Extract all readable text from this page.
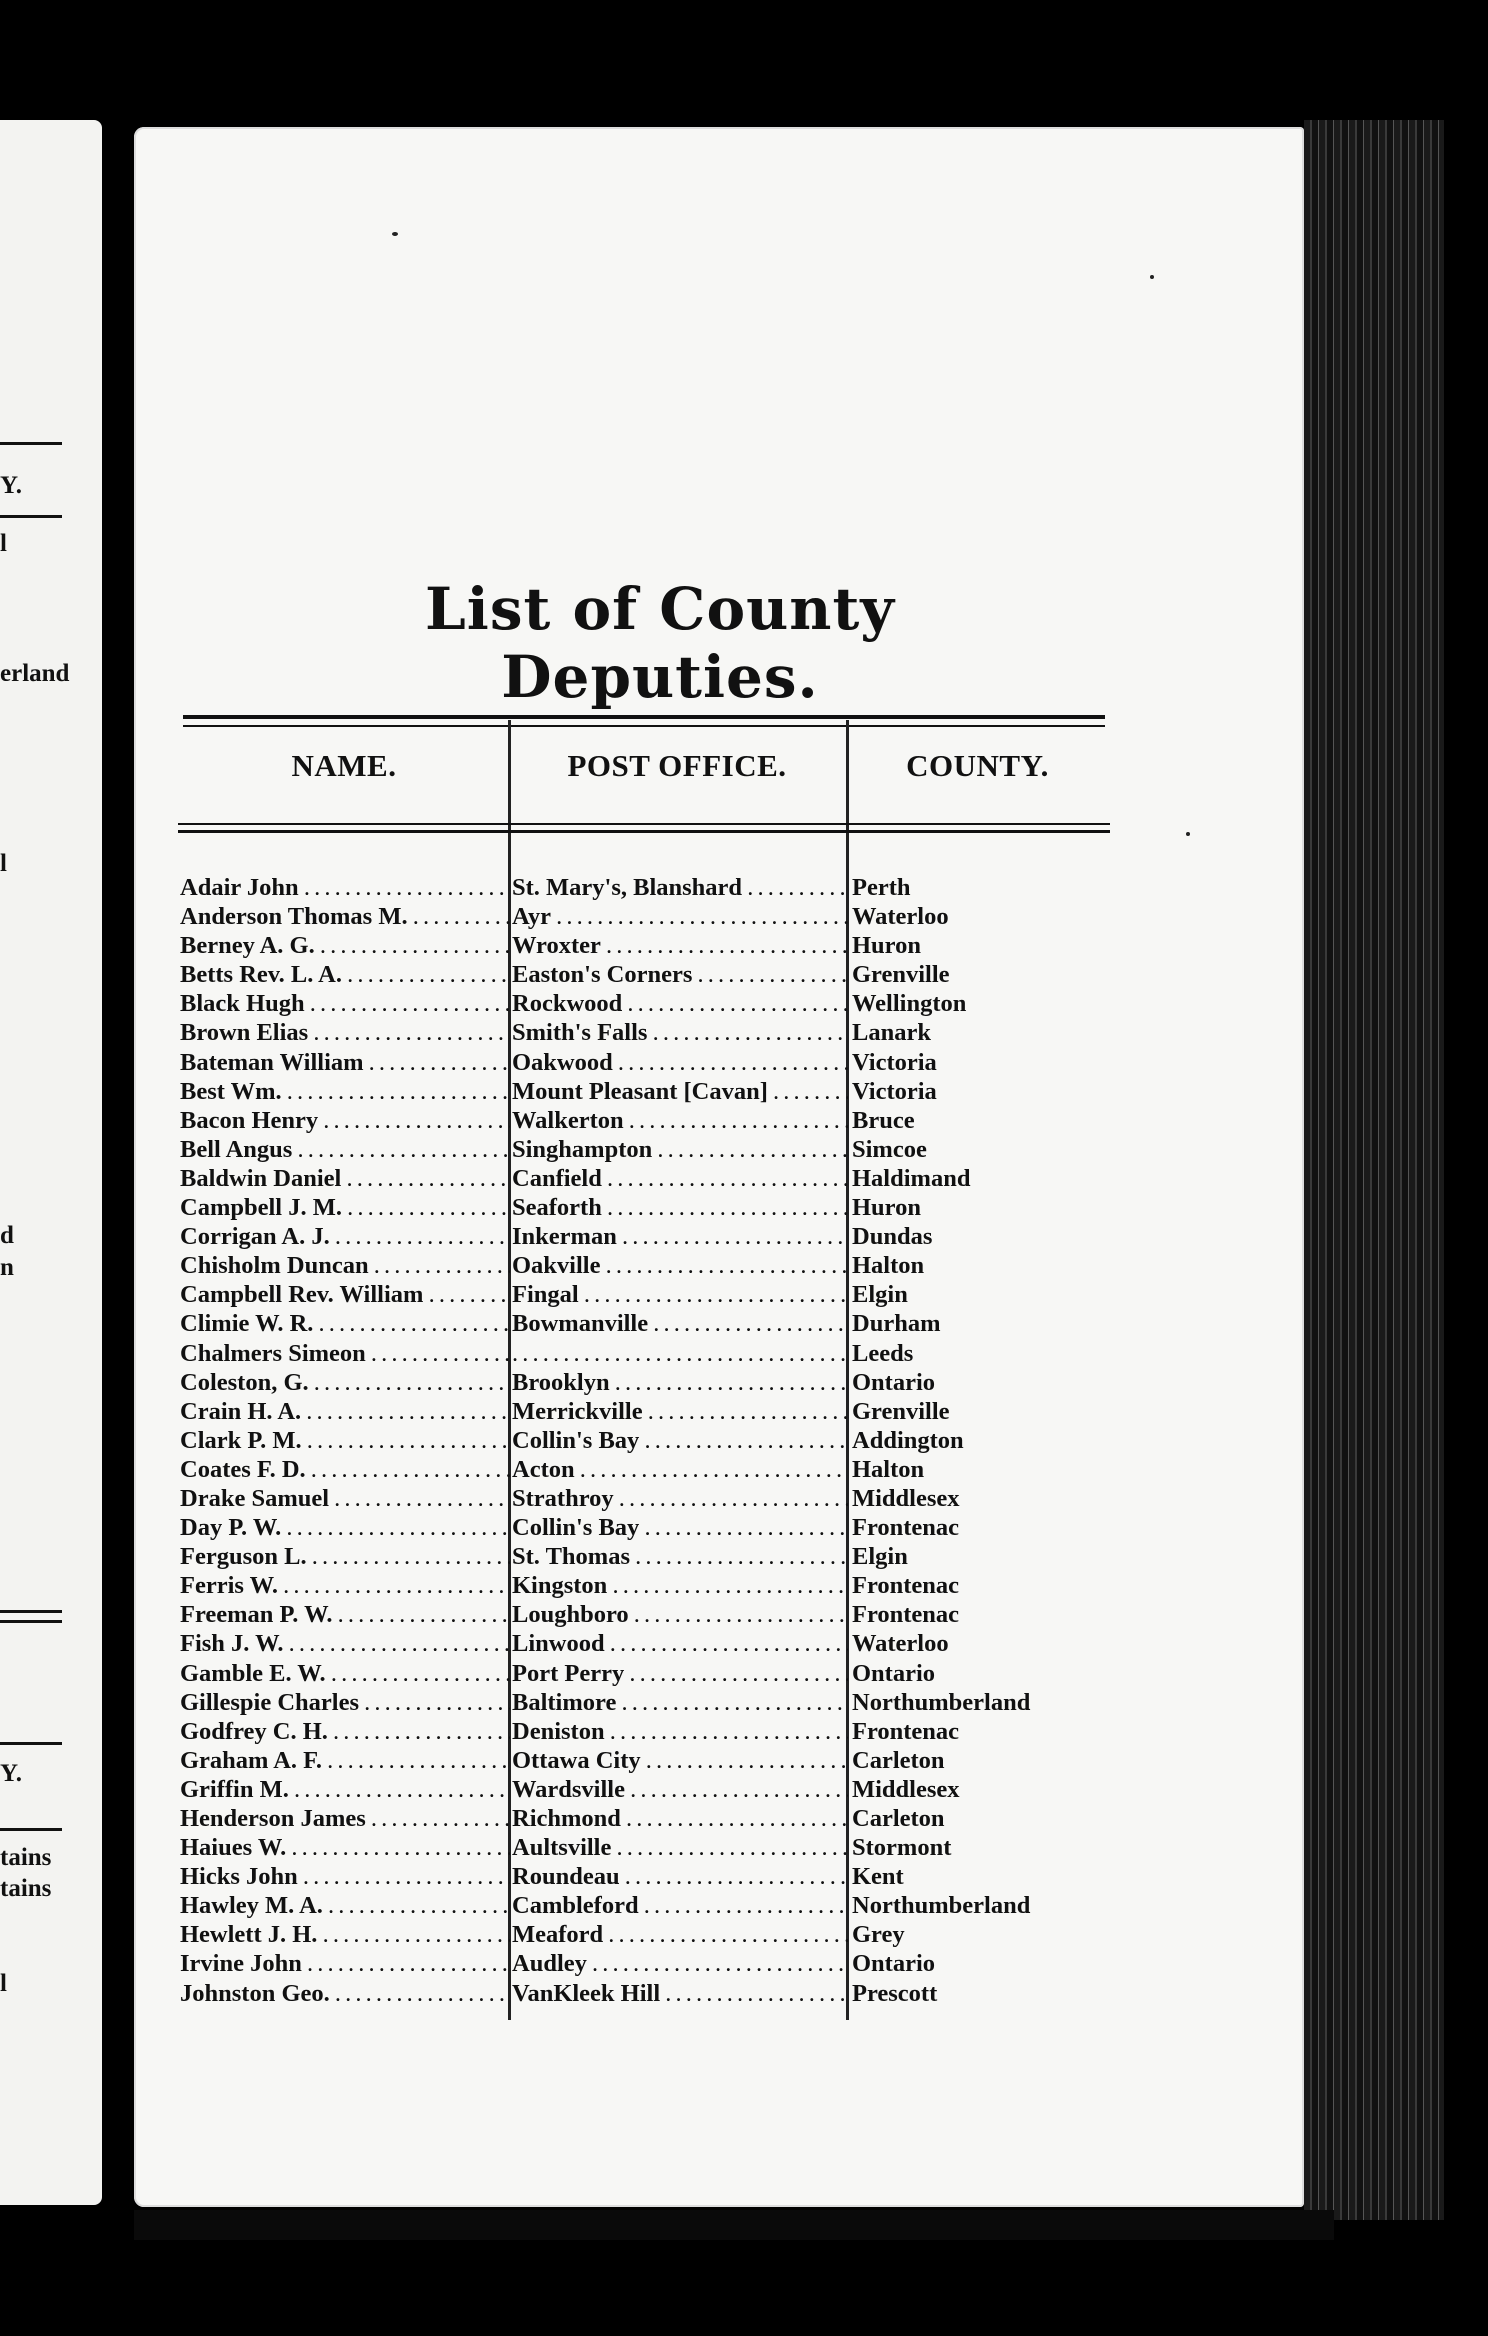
Y.
l
erland
l
d
n
Y.
tains
tains
l
List of County Deputies.
NAME.	POST OFFICE.	COUNTY.
Adair John . . .	St. Mary's, Blanshard . . .	Perth
Anderson Thomas M. . . .	Ayr . . .	Waterloo
Berney A. G. . . .	Wroxter . . .	Huron
Betts Rev. L. A. . . .	Easton's Corners . . .	Grenville
Black Hugh . . .	Rockwood . . .	Wellington
Brown Elias . . .	Smith's Falls . . .	Lanark
Bateman William . . .	Oakwood . . .	Victoria
Best Wm. . . .	Mount Pleasant [Cavan] . . .	Victoria
Bacon Henry . . .	Walkerton . . .	Bruce
Bell Angus . . .	Singhampton . . .	Simcoe
Baldwin Daniel . . .	Canfield . . .	Haldimand
Campbell J. M. . . .	Seaforth . . .	Huron
Corrigan A. J. . . .	Inkerman . . .	Dundas
Chisholm Duncan . . .	Oakville . . .	Halton
Campbell Rev. William . . .	Fingal . . .	Elgin
Climie W. R. . . .	Bowmanville . . .	Durham
Chalmers Simeon . . .
. . .	Leeds
Coleston, G. . . .	Brooklyn . . .	Ontario
Crain H. A. . . .	Merrickville . . .	Grenville
Clark P. M. . . .	Collin's Bay . . .	Addington
Coates F. D. . . .	Acton . . .	Halton
Drake Samuel . . .	Strathroy . . .	Middlesex
Day P. W. . . .	Collin's Bay . . .	Frontenac
Ferguson L. . . .	St. Thomas . . .	Elgin
Ferris W. . . .	Kingston . . .	Frontenac
Freeman P. W. . . .	Loughboro . . .	Frontenac
Fish J. W. . . .	Linwood . . .	Waterloo
Gamble E. W. . . .	Port Perry . . .	Ontario
Gillespie Charles . . .	Baltimore . . .	Northumberland
Godfrey C. H. . . .	Deniston . . .	Frontenac
Graham A. F. . . .	Ottawa City . . .	Carleton
Griffin M. . . .	Wardsville . . .	Middlesex
Henderson James . . .	Richmond . . .	Carleton
Haiues W. . . .	Aultsville . . .	Stormont
Hicks John . . .	Roundeau . . .	Kent
Hawley M. A. . . .	Cambleford . . .	Northumberland
Hewlett J. H. . . .	Meaford . . .	Grey
Irvine John . . .	Audley . . .	Ontario
Johnston Geo. . . .	VanKleek Hill . . .	Prescott
